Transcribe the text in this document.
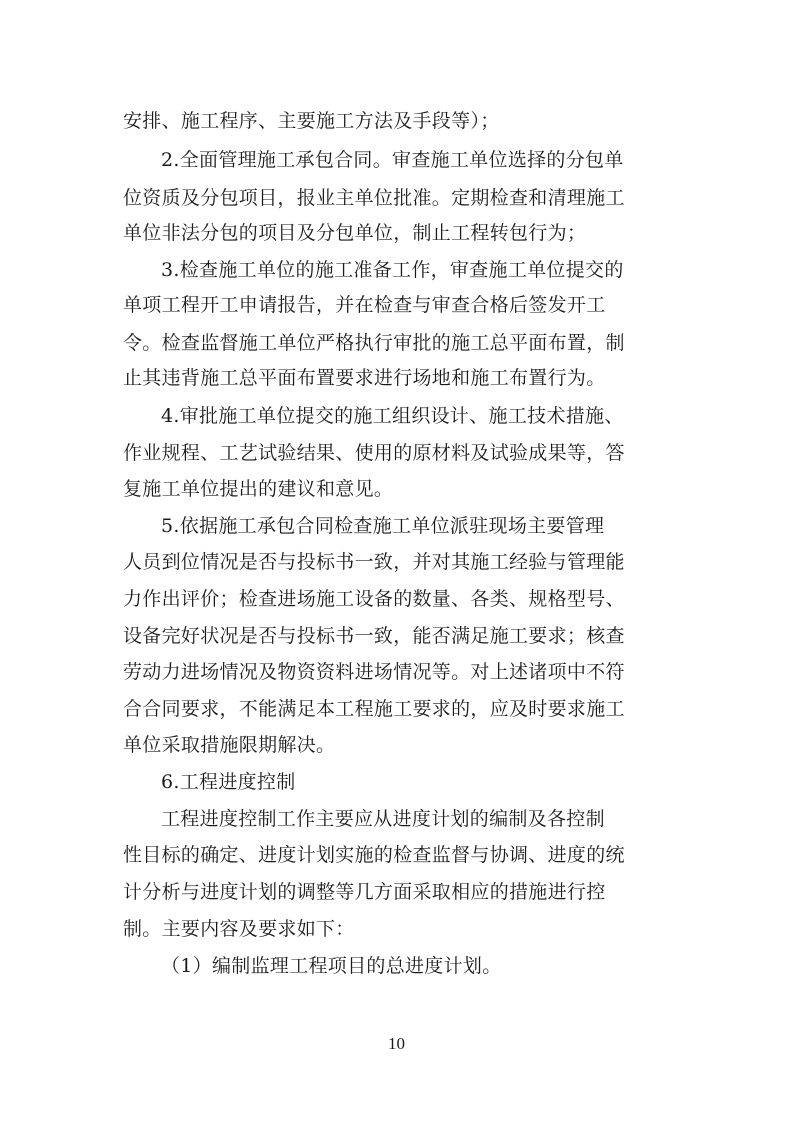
安排、施工程序、主要施工方法及手段等）；
2.全面管理施工承包合同。审查施工单位选择的分包单
位资质及分包项目，报业主单位批准。定期检查和清理施工
单位非法分包的项目及分包单位，制止工程转包行为；
3.检查施工单位的施工准备工作，审查施工单位提交的
单项工程开工申请报告，并在检查与审查合格后签发开工
令。检查监督施工单位严格执行审批的施工总平面布置，制
止其违背施工总平面布置要求进行场地和施工布置行为。
4.审批施工单位提交的施工组织设计、施工技术措施、
作业规程、工艺试验结果、使用的原材料及试验成果等，答
复施工单位提出的建议和意见。
5.依据施工承包合同检查施工单位派驻现场主要管理
人员到位情况是否与投标书一致，并对其施工经验与管理能
力作出评价；检查进场施工设备的数量、各类、规格型号、
设备完好状况是否与投标书一致，能否满足施工要求；核查
劳动力进场情况及物资资料进场情况等。对上述诸项中不符
合合同要求，不能满足本工程施工要求的，应及时要求施工
单位采取措施限期解决。
6.工程进度控制
工程进度控制工作主要应从进度计划的编制及各控制
性目标的确定、进度计划实施的检查监督与协调、进度的统
计分析与进度计划的调整等几方面采取相应的措施进行控
制。主要内容及要求如下：
（1）编制监理工程项目的总进度计划。
10
